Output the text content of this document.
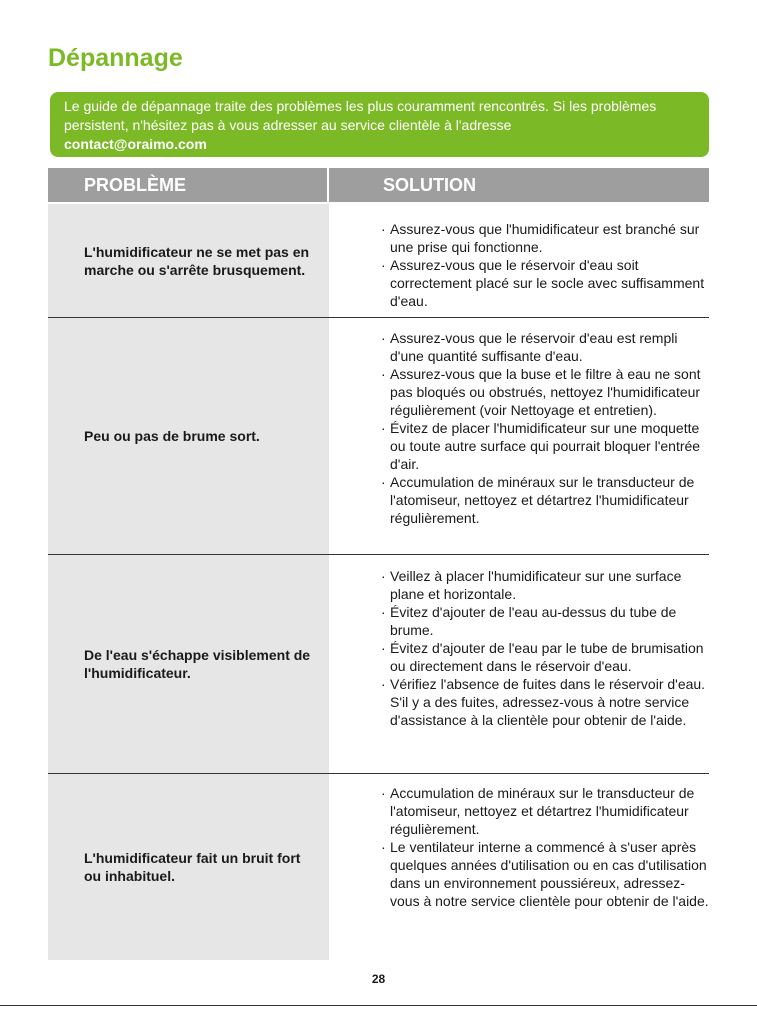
Dépannage
Le guide de dépannage traite des problèmes les plus couramment rencontrés. Si les problèmes persistent, n'hésitez pas à vous adresser au service clientèle à l'adresse
contact@oraimo.com
PROBLÈME	SOLUTION
L'humidificateur ne se met pas en marche ou s'arrête brusquement.
· Assurez-vous que l'humidificateur est branché sur une prise qui fonctionne.
· Assurez-vous que le réservoir d'eau soit correctement placé sur le socle avec suffisamment d'eau.
Peu ou pas de brume sort.
· Assurez-vous que le réservoir d'eau est rempli d'une quantité suffisante d'eau.
· Assurez-vous que la buse et le filtre à eau ne sont pas bloqués ou obstrués, nettoyez l'humidificateur régulièrement (voir Nettoyage et entretien).
· Évitez de placer l'humidificateur sur une moquette ou toute autre surface qui pourrait bloquer l'entrée d'air.
· Accumulation de minéraux sur le transducteur de l'atomiseur, nettoyez et détartrez l'humidificateur régulièrement.
De l'eau s'échappe visiblement de l'humidificateur.
· Veillez à placer l'humidificateur sur une surface plane et horizontale.
· Évitez d'ajouter de l'eau au-dessus du tube de brume.
· Évitez d'ajouter de l'eau par le tube de brumisation ou directement dans le réservoir d'eau.
· Vérifiez l'absence de fuites dans le réservoir d'eau. S'il y a des fuites, adressez-vous à notre service d'assistance à la clientèle pour obtenir de l'aide.
L'humidificateur fait un bruit fort ou inhabituel.
· Accumulation de minéraux sur le transducteur de l'atomiseur, nettoyez et détartrez l'humidificateur régulièrement.
· Le ventilateur interne a commencé à s'user après quelques années d'utilisation ou en cas d'utilisation dans un environnement poussiéreux, adressez-vous à notre service clientèle pour obtenir de l'aide.
28
